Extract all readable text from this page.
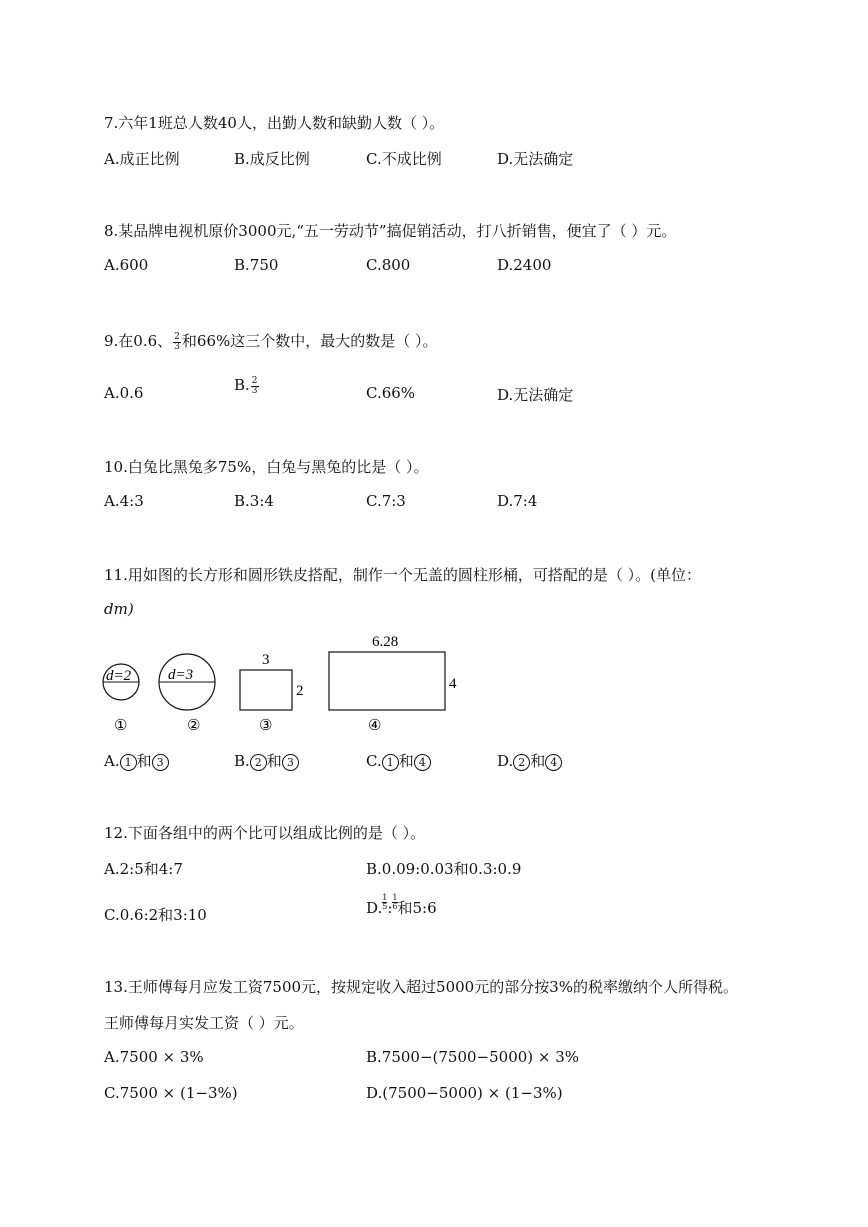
7.六年1班总人数40人，出勤人数和缺勤人数（ ）。
A.成正比例	B.成反比例	C.不成比例	D.无法确定
8.某品牌电视机原价3000元,“五一劳动节”搞促销活动，打八折销售，便宜了（ ）元。
A.600	B.750	C.800	D.2400
9.在0.6、 $\frac{2}{3}$ 和66%这三个数中，最大的数是（ ）。
A.0.6	B. $\frac{2}{3}$	C.66%	D.无法确定
10.白兔比黑兔多75%，白兔与黑兔的比是（ ）。
A.4:3	B.3:4	C.7:3	D.7:4
11.用如图的长方形和圆形铁皮搭配，制作一个无盖的圆柱形桶，可搭配的是（ ）。(单位：
dm)
d=2 d=3
3
2
6.28
4
①	②	③	④
A. 1 和 3	B. 2 和 3	C. 1 和 4	D. 2 和 4
12.下面各组中的两个比可以组成比例的是（ ）。
A.2:5和4:7	B.0.09:0.03和0.3:0.9
C.0.6:2和3:10	D. $\frac{1}{5}$ : $\frac{1}{6}$ 和5:6
13.王师傅每月应发工资7500元，按规定收入超过5000元的部分按3%的税率缴纳个人所得税。
王师傅每月实发工资（ ）元。
A.7500 × 3%	B.7500−(7500−5000) × 3%
C.7500 × (1−3%)	D.(7500−5000) × (1−3%)
